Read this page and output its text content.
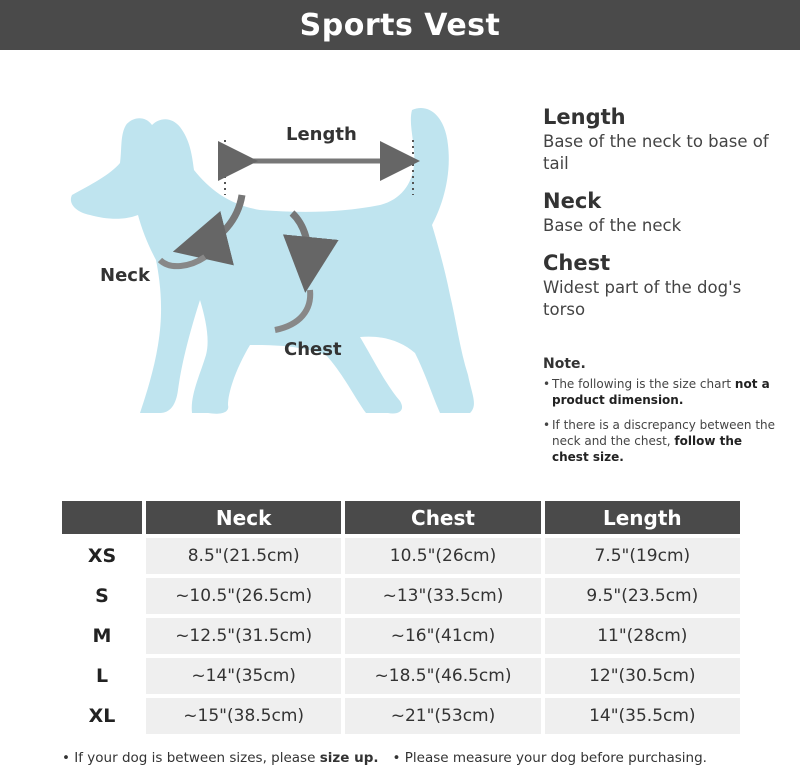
Sports Vest
Length
Neck
Chest

Length

Base of the neck to base of tail

Neck

Base of the neck

Chest

Widest part of the dog's torso

Note.
• The following is the size chart not a product dimension.
• If there is a discrepancy between the neck and the chest, follow the chest size.
	Neck	Chest	Length
XS	8.5"(21.5cm)	10.5"(26cm)	7.5"(19cm)
S	~10.5"(26.5cm)	~13"(33.5cm)	9.5"(23.5cm)
M	~12.5"(31.5cm)	~16"(41cm)	11"(28cm)
L	~14"(35cm)	~18.5"(46.5cm)	12"(30.5cm)
XL	~15"(38.5cm)	~21"(53cm)	14"(35.5cm)
• If your dog is between sizes, please size up. • Please measure your dog before purchasing.
